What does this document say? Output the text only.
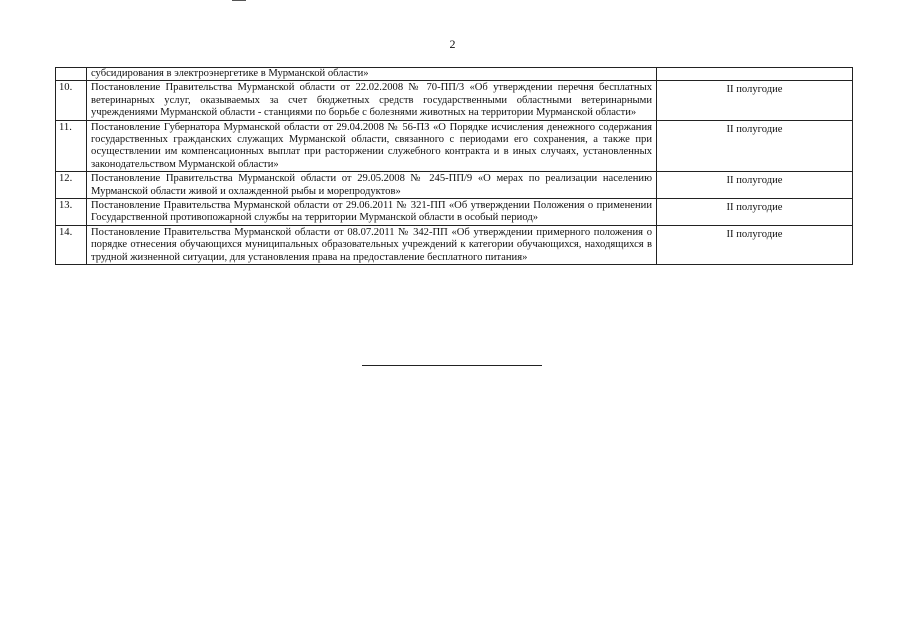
2
	субсидирования в электроэнергетике в Мурманской области»	
10.	Постановление Правительства Мурманской области от 22.02.2008 № 70-ПП/3 «Об утверждении перечня бесплатных ветеринарных услуг, оказываемых за счет бюджетных средств государственными областными ветеринарными учреждениями Мурманской области - станциями по борьбе с болезнями животных на территории Мурманской области»	II полугодие
11.	Постановление Губернатора Мурманской области от 29.04.2008 № 56-ПЗ «О Порядке исчисления денежного содержания государственных гражданских служащих Мурманской области, связанного с периодами его сохранения, а также при осуществлении им компенсационных выплат при расторжении служебного контракта и в иных случаях, установленных законодательством Мурманской области»	II полугодие
12.	Постановление Правительства Мурманской области от 29.05.2008 № 245-ПП/9 «О мерах по реализации населению Мурманской области живой и охлажденной рыбы и морепродуктов»	II полугодие
13.	Постановление Правительства Мурманской области от 29.06.2011 № 321-ПП «Об утверждении Положения о применении Государственной противопожарной службы на территории Мурманской области в особый период»	II полугодие
14.	Постановление Правительства Мурманской области от 08.07.2011 № 342-ПП «Об утверждении примерного положения о порядке отнесения обучающихся муниципальных образовательных учреждений к категории обучающихся, находящихся в трудной жизненной ситуации, для установления права на предоставление бесплатного питания»	II полугодие
